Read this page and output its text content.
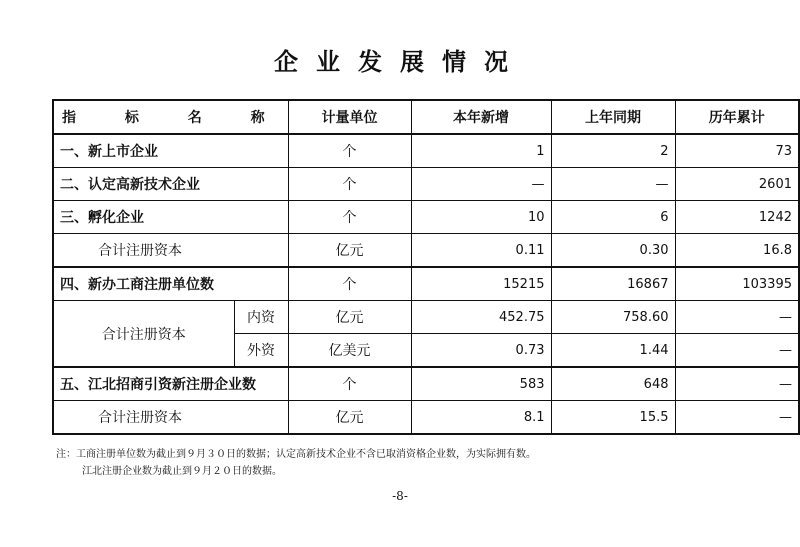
企业发展情况
指 标 名 称		计量单位	本年新增	上年同期	历年累计
一、新上市企业		个	1	2	73
二、认定高新技术企业		个	—	—	2601
三、孵化企业		个	10	6	1242
合计注册资本		亿元	0.11	0.30	16.8
四、新办工商注册单位数		个	15215	16867	103395
合计注册资本	内资	亿元	452.75	758.60	—
	外资	亿美元	0.73	1.44	—
五、江北招商引资新注册企业数		个	583	648	—
合计注册资本		亿元	8.1	15.5	—
注：工商注册单位数为截止到９月３０日的数据；认定高新技术企业不含已取消资格企业数，为实际拥有数。
江北注册企业数为截止到９月２０日的数据。
-8-
